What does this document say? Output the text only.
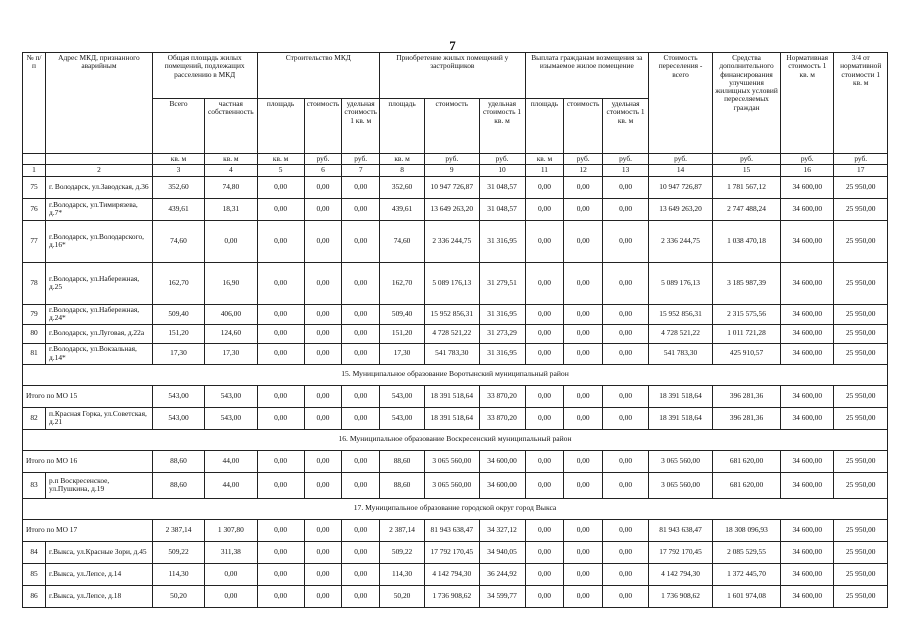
7
№ п/п	Адрес МКД, признанного аварийным	Общая площадь жилых помещений, подлежащих расселению в МКД		Строительство МКД			Приобретение жилых помещений у застройщиков			Выплата гражданам возмещения за изымаемое жилое помещение			Стоимость переселения - всего	Средства дополнительного финансирования улучшения жилищных условий переселяемых граждан	Нормативная стоимость 1 кв. м	3/4 от нормативной стоимости 1 кв. м
		Всего	частная собственность	площадь	стоимость	удельная стоимость 1 кв. м	площадь	стоимость	удельная стоимость 1 кв. м	площадь	стоимость	удельная стоимость 1 кв. м				
		кв. м	кв. м	кв. м	руб.	руб.	кв. м	руб.	руб.	кв. м	руб.	руб.	руб.	руб.	руб.	руб.
1	2	3	4	5	6	7	8	9	10	11	12	13	14	15	16	17
75	г. Володарск, ул.Заводская, д.36	352,60	74,80	0,00	0,00	0,00	352,60	10 947 726,87	31 048,57	0,00	0,00	0,00	10 947 726,87	1 781 567,12	34 600,00	25 950,00
76	г.Володарск, ул.Тимирязева, д.7*	439,61	18,31	0,00	0,00	0,00	439,61	13 649 263,20	31 048,57	0,00	0,00	0,00	13 649 263,20	2 747 488,24	34 600,00	25 950,00
77	г.Володарск, ул.Володарского, д.16*	74,60	0,00	0,00	0,00	0,00	74,60	2 336 244,75	31 316,95	0,00	0,00	0,00	2 336 244,75	1 038 470,18	34 600,00	25 950,00
78	г.Володарск, ул.Набережная, д.25	162,70	16,90	0,00	0,00	0,00	162,70	5 089 176,13	31 279,51	0,00	0,00	0,00	5 089 176,13	3 185 987,39	34 600,00	25 950,00
79	г.Володарск, ул.Набережная, д.24*	509,40	406,00	0,00	0,00	0,00	509,40	15 952 856,31	31 316,95	0,00	0,00	0,00	15 952 856,31	2 315 575,56	34 600,00	25 950,00
80	г.Володарск, ул.Луговая, д.22а	151,20	124,60	0,00	0,00	0,00	151,20	4 728 521,22	31 273,29	0,00	0,00	0,00	4 728 521,22	1 011 721,28	34 600,00	25 950,00
81	г.Володарск, ул.Вокзальная, д.14*	17,30	17,30	0,00	0,00	0,00	17,30	541 783,30	31 316,95	0,00	0,00	0,00	541 783,30	425 910,57	34 600,00	25 950,00
15. Муниципальное образование Воротынский муниципальный район																
Итого по МО 15		543,00	543,00	0,00	0,00	0,00	543,00	18 391 518,64	33 870,20	0,00	0,00	0,00	18 391 518,64	396 281,36	34 600,00	25 950,00
82	п.Красная Горка, ул.Советская, д.21	543,00	543,00	0,00	0,00	0,00	543,00	18 391 518,64	33 870,20	0,00	0,00	0,00	18 391 518,64	396 281,36	34 600,00	25 950,00
16. Муниципальное образование Воскресенский муниципальный район																
Итого по МО 16		88,60	44,00	0,00	0,00	0,00	88,60	3 065 560,00	34 600,00	0,00	0,00	0,00	3 065 560,00	681 620,00	34 600,00	25 950,00
83	р.п Воскресенское, ул.Пушкина, д.19	88,60	44,00	0,00	0,00	0,00	88,60	3 065 560,00	34 600,00	0,00	0,00	0,00	3 065 560,00	681 620,00	34 600,00	25 950,00
17. Муниципальное образование городской округ город Выкса																
Итого по МО 17		2 387,14	1 307,80	0,00	0,00	0,00	2 387,14	81 943 638,47	34 327,12	0,00	0,00	0,00	81 943 638,47	18 308 096,93	34 600,00	25 950,00
84	г.Выкса, ул.Красные Зори, д.45	509,22	311,38	0,00	0,00	0,00	509,22	17 792 170,45	34 940,05	0,00	0,00	0,00	17 792 170,45	2 085 529,55	34 600,00	25 950,00
85	г.Выкса, ул.Лепсе, д.14	114,30	0,00	0,00	0,00	0,00	114,30	4 142 794,30	36 244,92	0,00	0,00	0,00	4 142 794,30	1 372 445,70	34 600,00	25 950,00
86	г.Выкса, ул.Лепсе, д.18	50,20	0,00	0,00	0,00	0,00	50,20	1 736 908,62	34 599,77	0,00	0,00	0,00	1 736 908,62	1 601 974,08	34 600,00	25 950,00
